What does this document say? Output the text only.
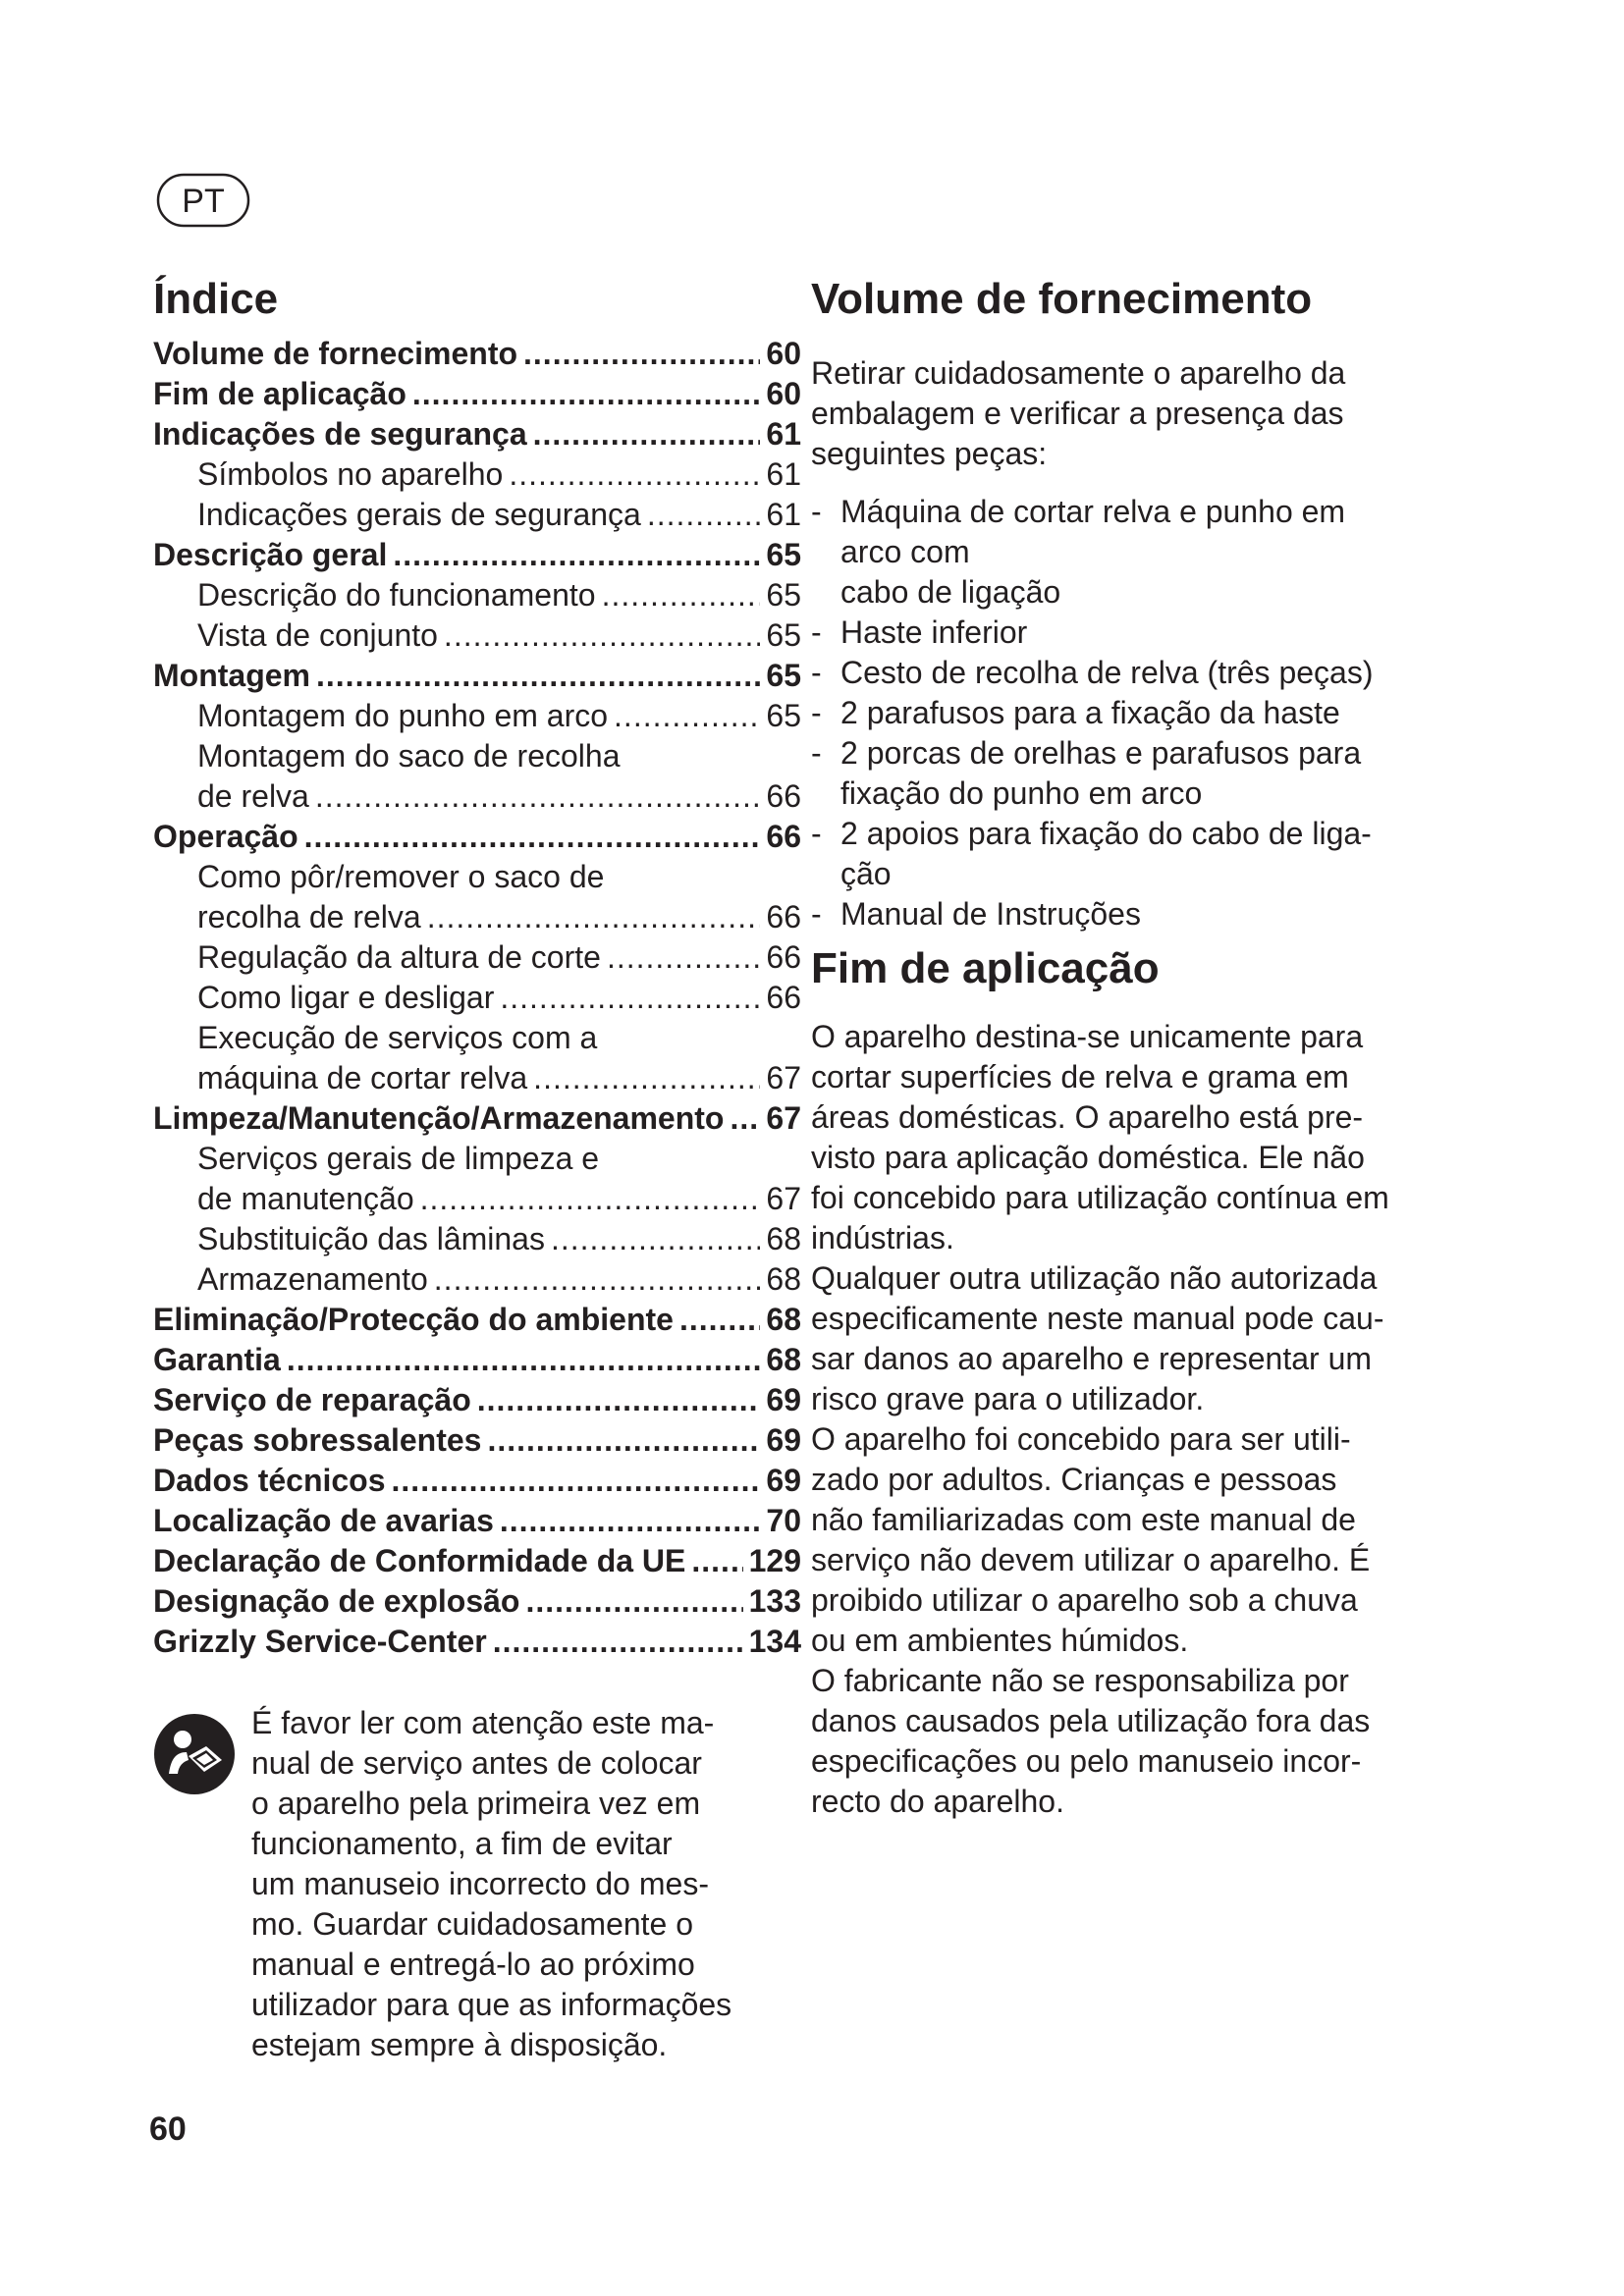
PT
Índice
Volume de fornecimento .....	60
Fim de aplicação .....	60
Indicações de segurança .....	61
Símbolos no aparelho .....	61
Indicações gerais de segurança .....	61
Descrição geral .....	65
Descrição do funcionamento .....	65
Vista de conjunto .....	65
Montagem .....	65
Montagem do punho em arco .....	65
Montagem do saco de recolha
de relva .....	66
Operação .....	66
Como pôr/remover o saco de
recolha de relva .....	66
Regulação da altura de corte .....	66
Como ligar e desligar .....	66
Execução de serviços com a
máquina de cortar relva .....	67
Limpeza/Manutenção/Armazenamento ..... 67
Serviços gerais de limpeza e
de manutenção .....	67
Substituição das lâminas .....	68
Armazenamento .....	68
Eliminação/Protecção do ambiente .....	68
Garantia .....	68
Serviço de reparação .....	69
Peças sobressalentes .....	69
Dados técnicos .....	69
Localização de avarias .....	70
Declaração de Conformidade da UE ..... 129
Designação de explosão .....	133
Grizzly Service-Center .....	134

É favor ler com atenção este ma-

nual de serviço antes de colocar

o aparelho pela primeira vez em

funcionamento, a fim de evitar

um manuseio incorrecto do mes-

mo. Guardar cuidadosamente o

manual e entregá-lo ao próximo

utilizador para que as informações

estejam sempre à disposição.

60
Volume de fornecimento

Retirar cuidadosamente o aparelho da

embalagem e verificar a presença das

seguintes peças:

- Máquina de cortar relva e punho em
arco com
cabo de ligação
- Haste inferior
- Cesto de recolha de relva (três peças)
- 2 parafusos para a fixação da haste
- 2 porcas de orelhas e parafusos para
fixação do punho em arco
- 2 apoios para fixação do cabo de liga-
ção
- Manual de Instruções
Fim de aplicação

O aparelho destina-se unicamente para

cortar superfícies de relva e grama em

áreas domésticas. O aparelho está pre-

visto para aplicação doméstica. Ele não

foi concebido para utilização contínua em

indústrias.

Qualquer outra utilização não autorizada

especificamente neste manual pode cau-

sar danos ao aparelho e representar um

risco grave para o utilizador.

O aparelho foi concebido para ser utili-

zado por adultos. Crianças e pessoas

não familiarizadas com este manual de

serviço não devem utilizar o aparelho. É

proibido utilizar o aparelho sob a chuva

ou em ambientes húmidos.

O fabricante não se responsabiliza por

danos causados pela utilização fora das

especificações ou pelo manuseio incor-

recto do aparelho.
